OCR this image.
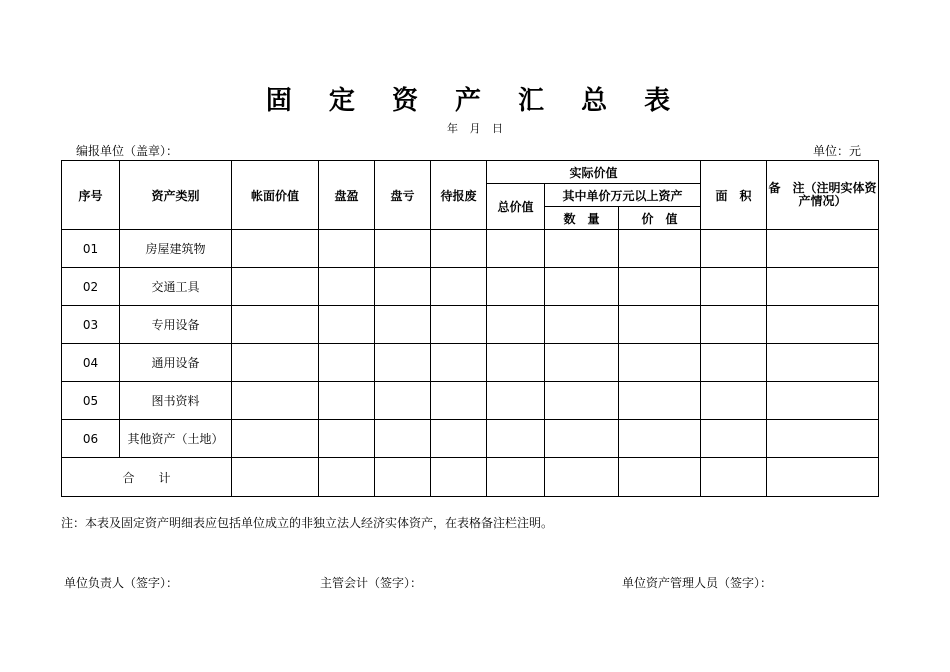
固 定 资 产 汇 总 表
年 月 日
编报单位（盖章）：	单位：元
序号	资产类别	帐面价值	盘盈	盘亏	待报废	实际价值			面　积	备　注（注明实体资产情况）
						总价值	其中单价万元以上资产			
							数　量	价　值		
01	房屋建筑物									
02	交通工具									
03	专用设备									
04	通用设备									
05	图书资料									
06	其他资产（土地）									
合　　计										
注：本表及固定资产明细表应包括单位成立的非独立法人经济实体资产，在表格备注栏注明。
单位负责人（签字）：	主管会计（签字）：	单位资产管理人员（签字）：
